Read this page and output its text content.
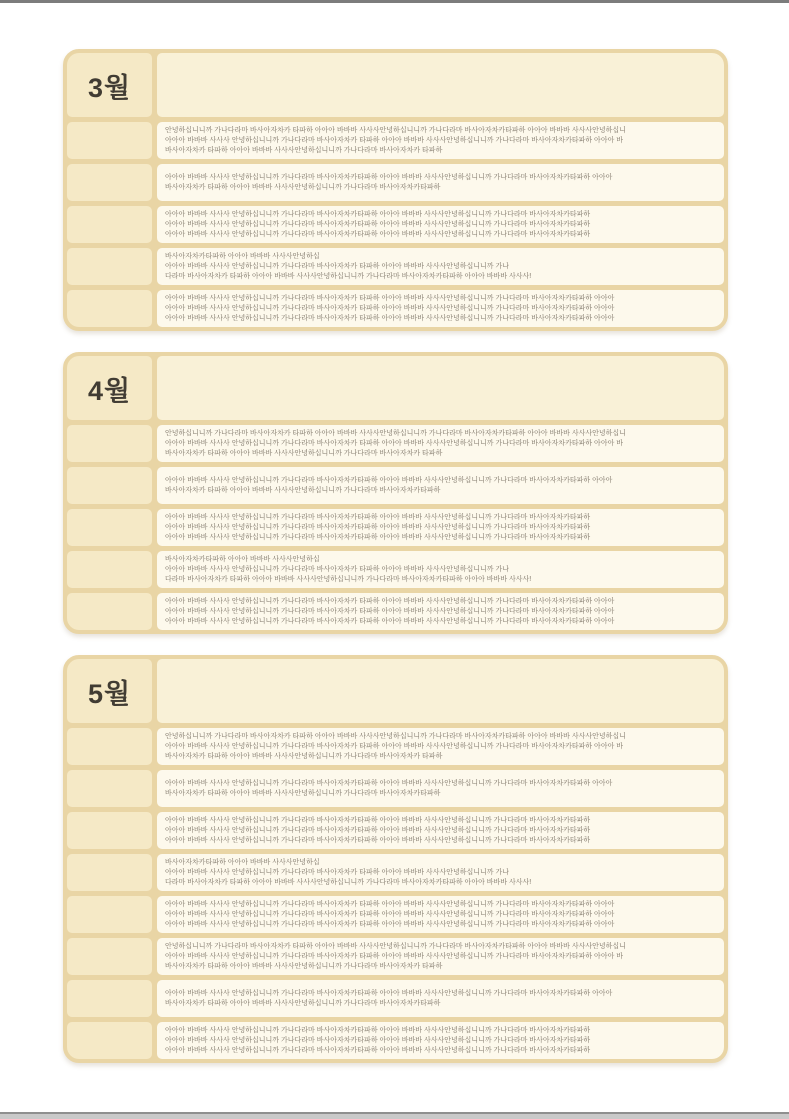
3월
안녕하십니니까 가나다라마 바사아자차카 타파하 아아아 바바바 사사사안녕하십니니까 가나다라마 바사아자차카타파하 아아아 바바바 사사사안녕하십니
아아아 바바바 사사사 안녕하십니니까 가나다라마 바사아자차카 타파하 아아아 바바바 사사사안녕하십니니까 가나다라마 바사아자차카타파하 아아아 바
바사아자차카 타파하 아아아 바바바 사사사안녕하십니니까 가나다라마 바사아자차카 타파하
아아아 바바바 사사사 안녕하십니니까 가나다라마 바사아자차카타파하 아아아 바바바 사사사안녕하십니니까 가나다라마 바사아자차카타파하 아아아
바사아자차카 타파하 아아아 바바바 사사사안녕하십니니까 가나다라마 바사아자차카타파하
아아아 바바바 사사사 안녕하십니니까 가나다라마 바사아자차카타파하 아아아 바바바 사사사안녕하십니니까 가나다라마 바사아자차카타파하
아아아 바바바 사사사 안녕하십니니까 가나다라마 바사아자차카타파하 아아아 바바바 사사사안녕하십니니까 가나다라마 바사아자차카타파하
아아아 바바바 사사사 안녕하십니니까 가나다라마 바사아자차카타파하 아아아 바바바 사사사안녕하십니니까 가나다라마 바사아자차카타파하
바사아자차카타파하 아아아 바바바 사사사안녕하십
아아아 바바바 사사사 안녕하십니니까 가나다라마 바사아자차카 타파하 아아아 바바바 사사사안녕하십니니까 가나
다라마 바사아자차카 타파하 아아아 바바바 사사사안녕하십니니까 가나다라마 바사아자차카타파하 아아아 바바바 사사사!
아아아 바바바 사사사 안녕하십니니까 가나다라마 바사아자차카 타파하 아아아 바바바 사사사안녕하십니니까 가나다라마 바사아자차카타파하 아아아
아아아 바바바 사사사 안녕하십니니까 가나다라마 바사아자차카 타파하 아아아 바바바 사사사안녕하십니니까 가나다라마 바사아자차카타파하 아아아
아아아 바바바 사사사 안녕하십니니까 가나다라마 바사아자차카 타파하 아아아 바바바 사사사안녕하십니니까 가나다라마 바사아자차카타파하 아아아
4월
안녕하십니니까 가나다라마 바사아자차카 타파하 아아아 바바바 사사사안녕하십니니까 가나다라마 바사아자차카타파하 아아아 바바바 사사사안녕하십니
아아아 바바바 사사사 안녕하십니니까 가나다라마 바사아자차카 타파하 아아아 바바바 사사사안녕하십니니까 가나다라마 바사아자차카타파하 아아아 바
바사아자차카 타파하 아아아 바바바 사사사안녕하십니니까 가나다라마 바사아자차카 타파하
아아아 바바바 사사사 안녕하십니니까 가나다라마 바사아자차카타파하 아아아 바바바 사사사안녕하십니니까 가나다라마 바사아자차카타파하 아아아
바사아자차카 타파하 아아아 바바바 사사사안녕하십니니까 가나다라마 바사아자차카타파하
아아아 바바바 사사사 안녕하십니니까 가나다라마 바사아자차카타파하 아아아 바바바 사사사안녕하십니니까 가나다라마 바사아자차카타파하
아아아 바바바 사사사 안녕하십니니까 가나다라마 바사아자차카타파하 아아아 바바바 사사사안녕하십니니까 가나다라마 바사아자차카타파하
아아아 바바바 사사사 안녕하십니니까 가나다라마 바사아자차카타파하 아아아 바바바 사사사안녕하십니니까 가나다라마 바사아자차카타파하
바사아자차카타파하 아아아 바바바 사사사안녕하십
아아아 바바바 사사사 안녕하십니니까 가나다라마 바사아자차카 타파하 아아아 바바바 사사사안녕하십니니까 가나
다라마 바사아자차카 타파하 아아아 바바바 사사사안녕하십니니까 가나다라마 바사아자차카타파하 아아아 바바바 사사사!
아아아 바바바 사사사 안녕하십니니까 가나다라마 바사아자차카 타파하 아아아 바바바 사사사안녕하십니니까 가나다라마 바사아자차카타파하 아아아
아아아 바바바 사사사 안녕하십니니까 가나다라마 바사아자차카 타파하 아아아 바바바 사사사안녕하십니니까 가나다라마 바사아자차카타파하 아아아
아아아 바바바 사사사 안녕하십니니까 가나다라마 바사아자차카 타파하 아아아 바바바 사사사안녕하십니니까 가나다라마 바사아자차카타파하 아아아
5월
안녕하십니니까 가나다라마 바사아자차카 타파하 아아아 바바바 사사사안녕하십니니까 가나다라마 바사아자차카타파하 아아아 바바바 사사사안녕하십니
아아아 바바바 사사사 안녕하십니니까 가나다라마 바사아자차카 타파하 아아아 바바바 사사사안녕하십니니까 가나다라마 바사아자차카타파하 아아아 바
바사아자차카 타파하 아아아 바바바 사사사안녕하십니니까 가나다라마 바사아자차카 타파하
아아아 바바바 사사사 안녕하십니니까 가나다라마 바사아자차카타파하 아아아 바바바 사사사안녕하십니니까 가나다라마 바사아자차카타파하 아아아
바사아자차카 타파하 아아아 바바바 사사사안녕하십니니까 가나다라마 바사아자차카타파하
아아아 바바바 사사사 안녕하십니니까 가나다라마 바사아자차카타파하 아아아 바바바 사사사안녕하십니니까 가나다라마 바사아자차카타파하
아아아 바바바 사사사 안녕하십니니까 가나다라마 바사아자차카타파하 아아아 바바바 사사사안녕하십니니까 가나다라마 바사아자차카타파하
아아아 바바바 사사사 안녕하십니니까 가나다라마 바사아자차카타파하 아아아 바바바 사사사안녕하십니니까 가나다라마 바사아자차카타파하
바사아자차카타파하 아아아 바바바 사사사안녕하십
아아아 바바바 사사사 안녕하십니니까 가나다라마 바사아자차카 타파하 아아아 바바바 사사사안녕하십니니까 가나
다라마 바사아자차카 타파하 아아아 바바바 사사사안녕하십니니까 가나다라마 바사아자차카타파하 아아아 바바바 사사사!
아아아 바바바 사사사 안녕하십니니까 가나다라마 바사아자차카 타파하 아아아 바바바 사사사안녕하십니니까 가나다라마 바사아자차카타파하 아아아
아아아 바바바 사사사 안녕하십니니까 가나다라마 바사아자차카 타파하 아아아 바바바 사사사안녕하십니니까 가나다라마 바사아자차카타파하 아아아
아아아 바바바 사사사 안녕하십니니까 가나다라마 바사아자차카 타파하 아아아 바바바 사사사안녕하십니니까 가나다라마 바사아자차카타파하 아아아
안녕하십니니까 가나다라마 바사아자차카 타파하 아아아 바바바 사사사안녕하십니니까 가나다라마 바사아자차카타파하 아아아 바바바 사사사안녕하십니
아아아 바바바 사사사 안녕하십니니까 가나다라마 바사아자차카 타파하 아아아 바바바 사사사안녕하십니니까 가나다라마 바사아자차카타파하 아아아 바
바사아자차카 타파하 아아아 바바바 사사사안녕하십니니까 가나다라마 바사아자차카 타파하
아아아 바바바 사사사 안녕하십니니까 가나다라마 바사아자차카타파하 아아아 바바바 사사사안녕하십니니까 가나다라마 바사아자차카타파하 아아아
바사아자차카 타파하 아아아 바바바 사사사안녕하십니니까 가나다라마 바사아자차카타파하
아아아 바바바 사사사 안녕하십니니까 가나다라마 바사아자차카타파하 아아아 바바바 사사사안녕하십니니까 가나다라마 바사아자차카타파하
아아아 바바바 사사사 안녕하십니니까 가나다라마 바사아자차카타파하 아아아 바바바 사사사안녕하십니니까 가나다라마 바사아자차카타파하
아아아 바바바 사사사 안녕하십니니까 가나다라마 바사아자차카타파하 아아아 바바바 사사사안녕하십니니까 가나다라마 바사아자차카타파하
